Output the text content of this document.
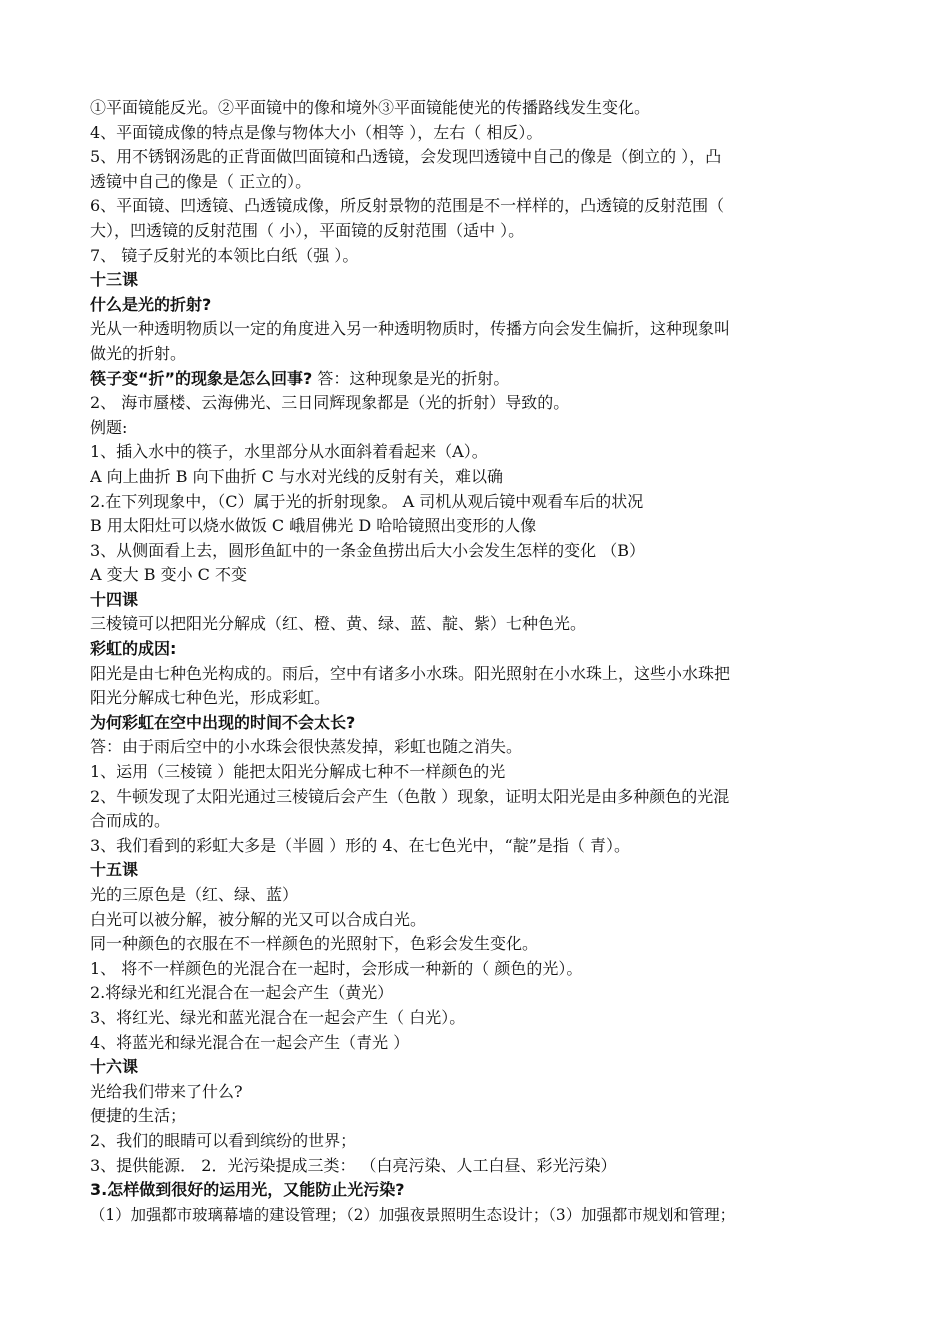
①平面镜能反光。②平面镜中的像和境外③平面镜能使光的传播路线发生变化。
4、平面镜成像的特点是像与物体大小（相等 ），左右（ 相反）。
5、用不锈钢汤匙的正背面做凹面镜和凸透镜，会发现凹透镜中自己的像是（倒立的 ），凸
透镜中自己的像是（ 正立的）。
6、平面镜、凹透镜、凸透镜成像，所反射景物的范围是不一样样的，凸透镜的反射范围（
大），凹透镜的反射范围（ 小），平面镜的反射范围（适中 ）。
7、 镜子反射光的本领比白纸（强 ）。
十三课
什么是光的折射?
光从一种透明物质以一定的角度进入另一种透明物质时，传播方向会发生偏折，这种现象叫
做光的折射。
筷子变“折”的现象是怎么回事? 答：这种现象是光的折射。
2、 海市蜃楼、云海佛光、三日同辉现象都是（光的折射）导致的。
例题:
1、插入水中的筷子，水里部分从水面斜着看起来（A）。
A 向上曲折 B 向下曲折 C 与水对光线的反射有关，难以确
2.在下列现象中，（C）属于光的折射现象。 A 司机从观后镜中观看车后的状况
B 用太阳灶可以烧水做饭 C 峨眉佛光 D 哈哈镜照出变形的人像
3、从侧面看上去，圆形鱼缸中的一条金鱼捞出后大小会发生怎样的变化 （B）
A 变大 B 变小 C 不变
十四课
三棱镜可以把阳光分解成（红、橙、黄、绿、蓝、靛、紫）七种色光。
彩虹的成因:
阳光是由七种色光构成的。雨后，空中有诸多小水珠。阳光照射在小水珠上，这些小水珠把
阳光分解成七种色光，形成彩虹。
为何彩虹在空中出现的时间不会太长?
答：由于雨后空中的小水珠会很快蒸发掉，彩虹也随之消失。
1、运用（三棱镜 ）能把太阳光分解成七种不一样颜色的光
2、牛顿发现了太阳光通过三棱镜后会产生（色散 ）现象，证明太阳光是由多种颜色的光混
合而成的。
3、我们看到的彩虹大多是（半圆 ）形的 4、在七色光中，“靛”是指（ 青）。
十五课
光的三原色是（红、绿、蓝）
白光可以被分解，被分解的光又可以合成白光。
同一种颜色的衣服在不一样颜色的光照射下，色彩会发生变化。
1、 将不一样颜色的光混合在一起时，会形成一种新的（ 颜色的光）。
2.将绿光和红光混合在一起会产生（黄光）
3、将红光、绿光和蓝光混合在一起会产生（ 白光）。
4、将蓝光和绿光混合在一起会产生（青光 ）
十六课
光给我们带来了什么?
便捷的生活；
2、我们的眼睛可以看到缤纷的世界；
3、提供能源． 2．光污染提成三类： （白亮污染、人工白昼、彩光污染）
3.怎样做到很好的运用光，又能防止光污染?
（1）加强都市玻璃幕墙的建设管理；（2）加强夜景照明生态设计；（3）加强都市规划和管理；
